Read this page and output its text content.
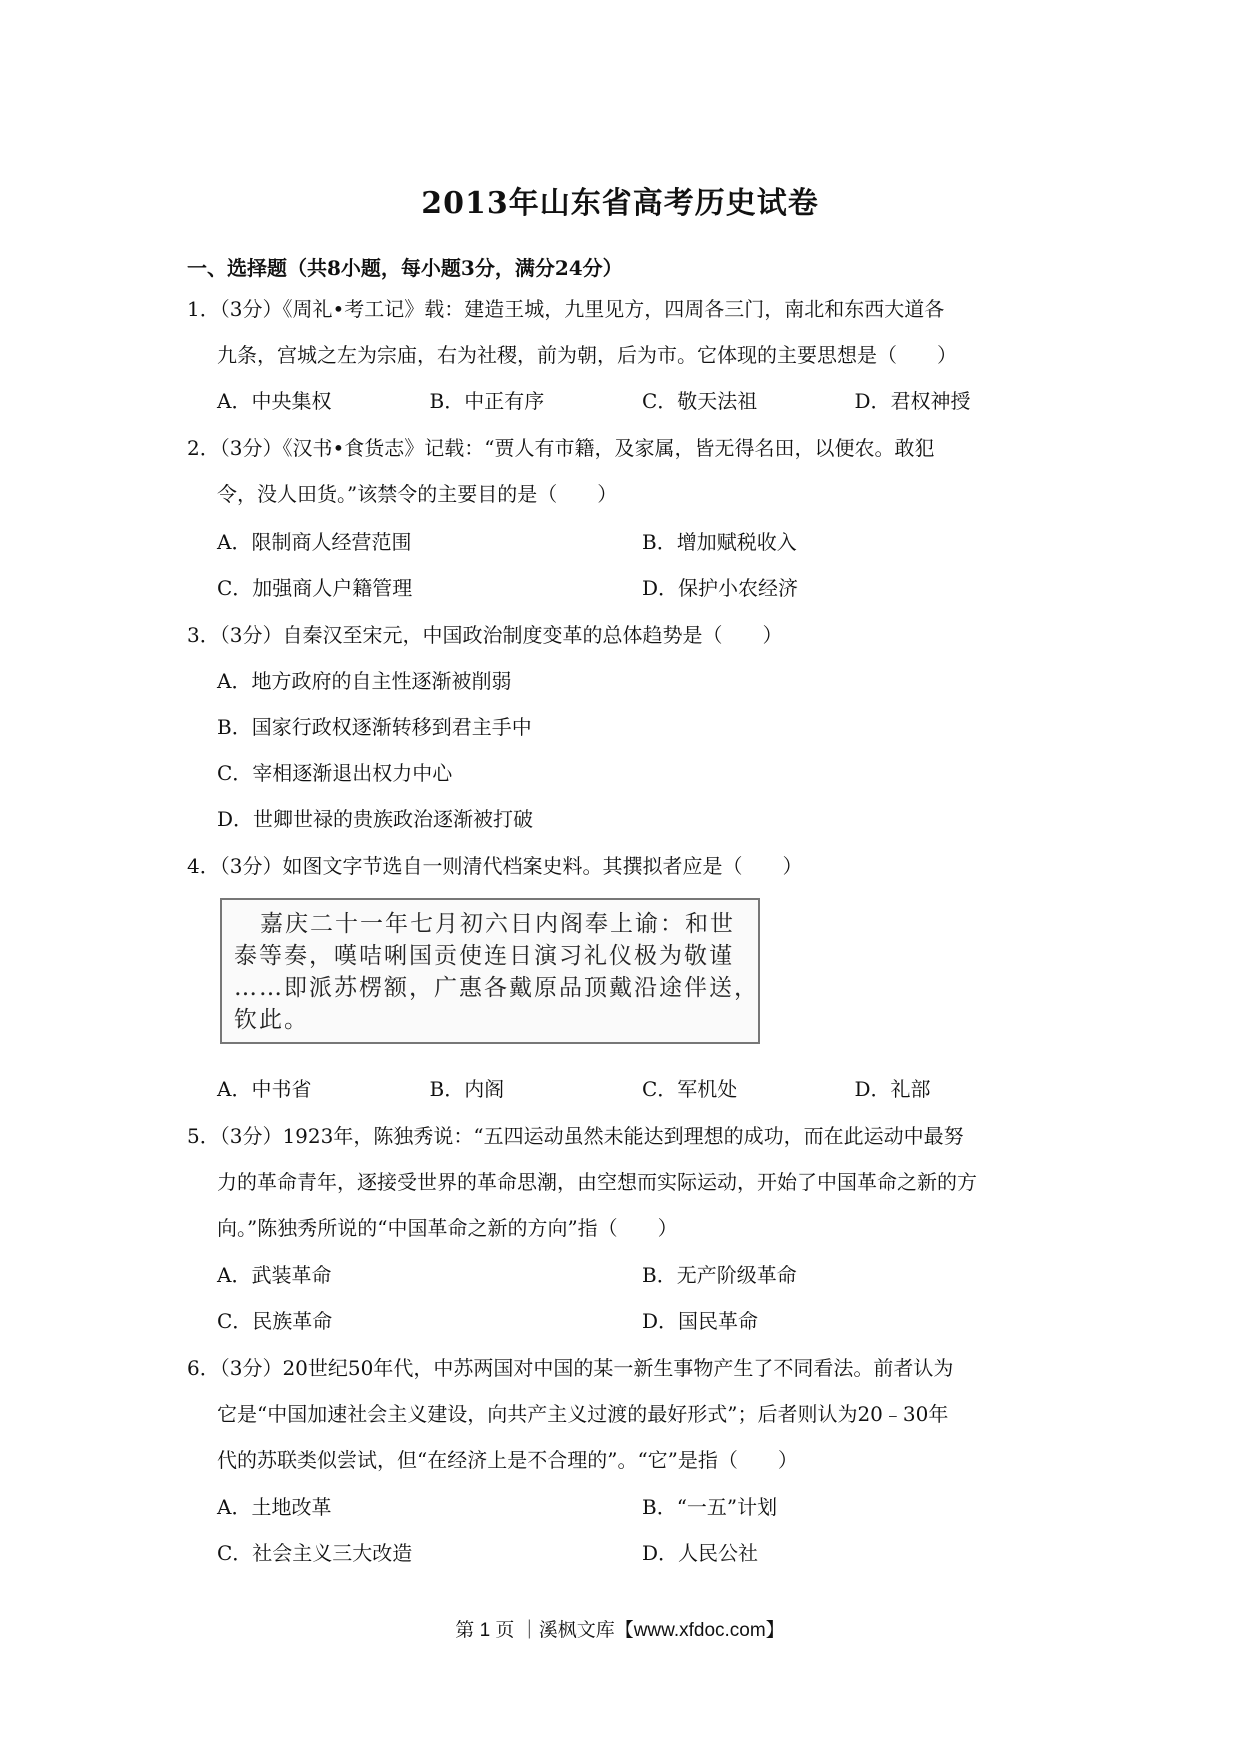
2013年山东省高考历史试卷
一、选择题（共8小题，每小题3分，满分24分）
1．（3分）《周礼•考工记》载：建造王城，九里见方，四周各三门，南北和东西大道各
九条，宫城之左为宗庙，右为社稷，前为朝，后为市。它体现的主要思想是（　　）
A．中央集权	B．中正有序	C．敬天法祖	D．君权神授
2．（3分）《汉书•食货志》记载：“贾人有市籍，及家属，皆无得名田，以便农。敢犯
令，没人田货。”该禁令的主要目的是（　　）
A．限制商人经营范围	B．增加赋税收入
C．加强商人户籍管理	D．保护小农经济
3．（3分）自秦汉至宋元，中国政治制度变革的总体趋势是（　　）
A．地方政府的自主性逐渐被削弱
B．国家行政权逐渐转移到君主手中
C．宰相逐渐退出权力中心
D．世卿世禄的贵族政治逐渐被打破
4．（3分）如图文字节选自一则清代档案史料。其撰拟者应是（　　）
嘉庆二十一年七月初六日内阁奉上谕：和世
泰等奏，嘆咭唎国贡使连日演习礼仪极为敬谨
……即派苏楞额，广惠各戴原品顶戴沿途伴送，
钦此。
A．中书省	B．内阁	C．军机处	D．礼部
5．（3分）1923年，陈独秀说：“五四运动虽然未能达到理想的成功，而在此运动中最努
力的革命青年，逐接受世界的革命思潮，由空想而实际运动，开始了中国革命之新的方
向。”陈独秀所说的“中国革命之新的方向”指（　　）
A．武装革命	B．无产阶级革命
C．民族革命	D．国民革命
6．（3分）20世纪50年代，中苏两国对中国的某一新生事物产生了不同看法。前者认为
它是“中国加速社会主义建设，向共产主义过渡的最好形式”；后者则认为20﹣30年
代的苏联类似尝试，但“在经济上是不合理的”。“它”是指（　　）
A．土地改革	B．“一五”计划
C．社会主义三大改造	D．人民公社
第 1 页 ｜溪枫文库【www.xfdoc.com】
